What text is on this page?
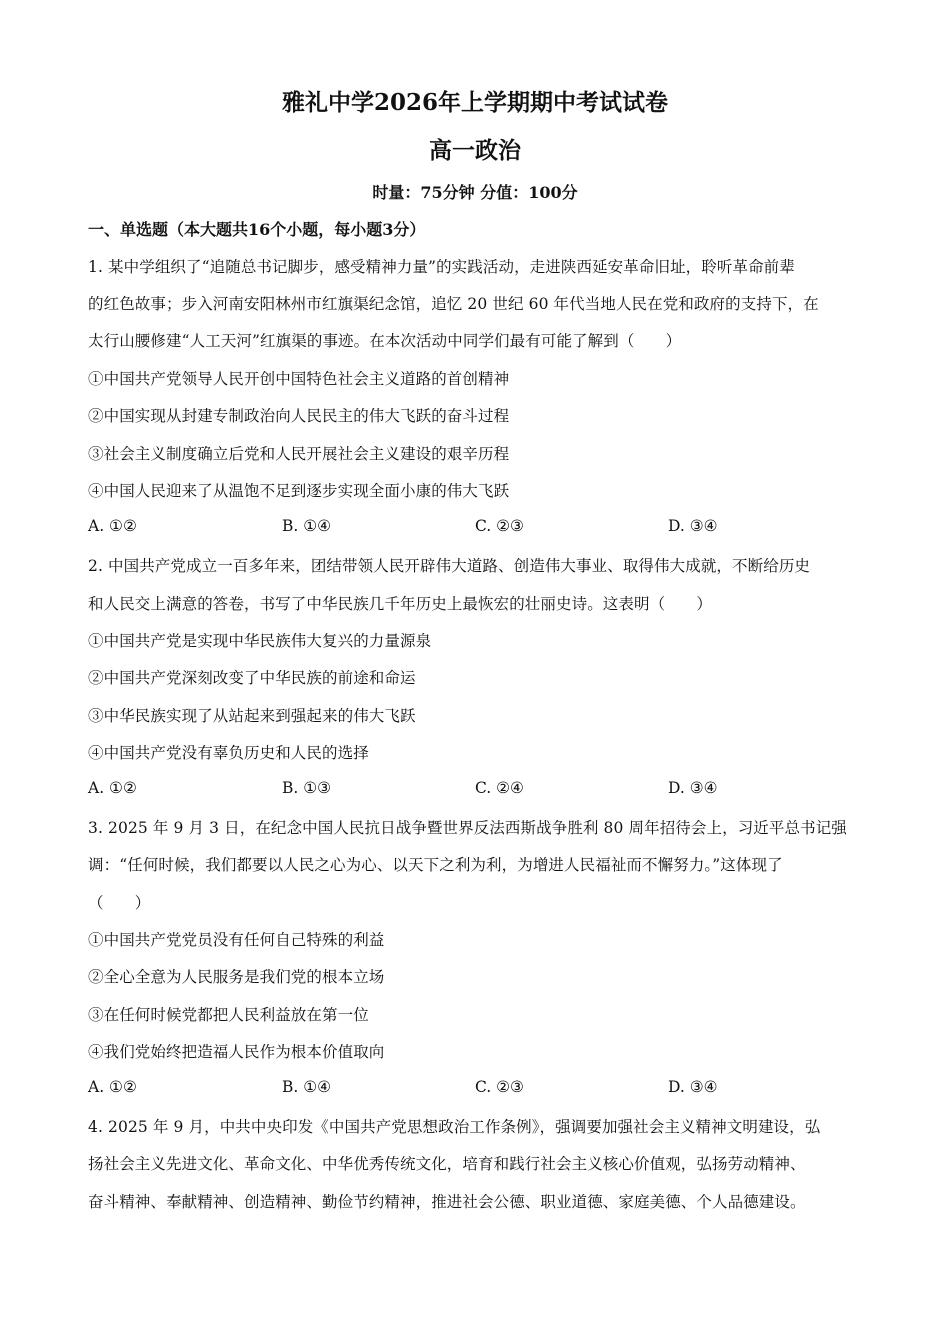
雅礼中学2026年上学期期中考试试卷
高一政治
时量：75分钟 分值：100分
一、单选题（本大题共16个小题，每小题3分）
1. 某中学组织了“追随总书记脚步，感受精神力量”的实践活动，走进陕西延安革命旧址，聆听革命前辈
的红色故事；步入河南安阳林州市红旗渠纪念馆，追忆 20 世纪 60 年代当地人民在党和政府的支持下，在
太行山腰修建“人工天河”红旗渠的事迹。在本次活动中同学们最有可能了解到（　　）
①中国共产党领导人民开创中国特色社会主义道路的首创精神
②中国实现从封建专制政治向人民民主的伟大飞跃的奋斗过程
③社会主义制度确立后党和人民开展社会主义建设的艰辛历程
④中国人民迎来了从温饱不足到逐步实现全面小康的伟大飞跃
A. ①②	B. ①④	C. ②③	D. ③④
2. 中国共产党成立一百多年来，团结带领人民开辟伟大道路、创造伟大事业、取得伟大成就，不断给历史
和人民交上满意的答卷，书写了中华民族几千年历史上最恢宏的壮丽史诗。这表明（　　）
①中国共产党是实现中华民族伟大复兴的力量源泉
②中国共产党深刻改变了中华民族的前途和命运
③中华民族实现了从站起来到强起来的伟大飞跃
④中国共产党没有辜负历史和人民的选择
A. ①②	B. ①③	C. ②④	D. ③④
3. 2025 年 9 月 3 日，在纪念中国人民抗日战争暨世界反法西斯战争胜利 80 周年招待会上，习近平总书记强
调：“任何时候，我们都要以人民之心为心、以天下之利为利，为增进人民福祉而不懈努力。”这体现了
（　　）
①中国共产党党员没有任何自己特殊的利益
②全心全意为人民服务是我们党的根本立场
③在任何时候党都把人民利益放在第一位
④我们党始终把造福人民作为根本价值取向
A. ①②	B. ①④	C. ②③	D. ③④
4. 2025 年 9 月，中共中央印发《中国共产党思想政治工作条例》，强调要加强社会主义精神文明建设，弘
扬社会主义先进文化、革命文化、中华优秀传统文化，培育和践行社会主义核心价值观，弘扬劳动精神、
奋斗精神、奉献精神、创造精神、勤俭节约精神，推进社会公德、职业道德、家庭美德、个人品德建设。
